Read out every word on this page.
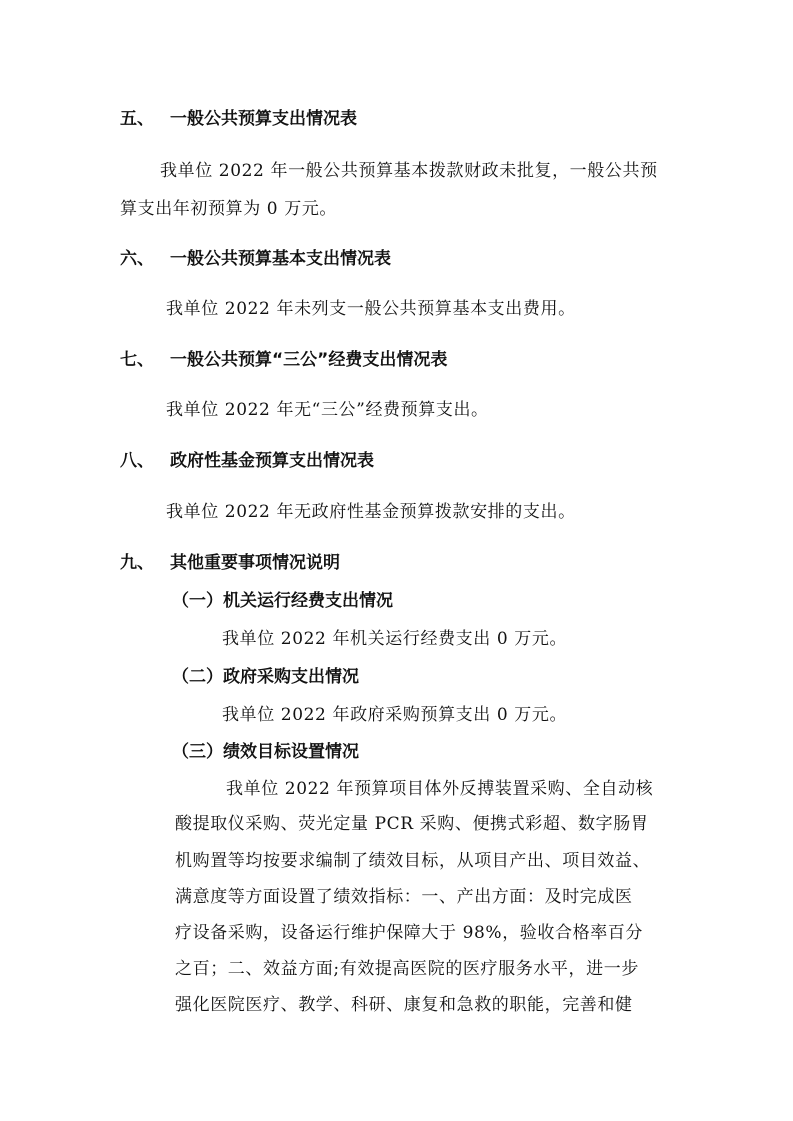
五、 一般公共预算支出情况表
我单位 2022 年一般公共预算基本拨款财政未批复，一般公共预
算支出年初预算为 0 万元。
六、 一般公共预算基本支出情况表
我单位 2022 年未列支一般公共预算基本支出费用。
七、 一般公共预算“三公”经费支出情况表
我单位 2022 年无“三公”经费预算支出。
八、 政府性基金预算支出情况表
我单位 2022 年无政府性基金预算拨款安排的支出。
九、 其他重要事项情况说明
（一）机关运行经费支出情况
我单位 2022 年机关运行经费支出 0 万元。
（二）政府采购支出情况
我单位 2022 年政府采购预算支出 0 万元。
（三）绩效目标设置情况
我单位 2022 年预算项目体外反搏装置采购、全自动核
酸提取仪采购、荧光定量 PCR 采购、便携式彩超、数字肠胃
机购置等均按要求编制了绩效目标，从项目产出、项目效益、
满意度等方面设置了绩效指标：一、产出方面：及时完成医
疗设备采购，设备运行维护保障大于 98%，验收合格率百分
之百；二、效益方面;有效提高医院的医疗服务水平，进一步
强化医院医疗、教学、科研、康复和急救的职能，完善和健
